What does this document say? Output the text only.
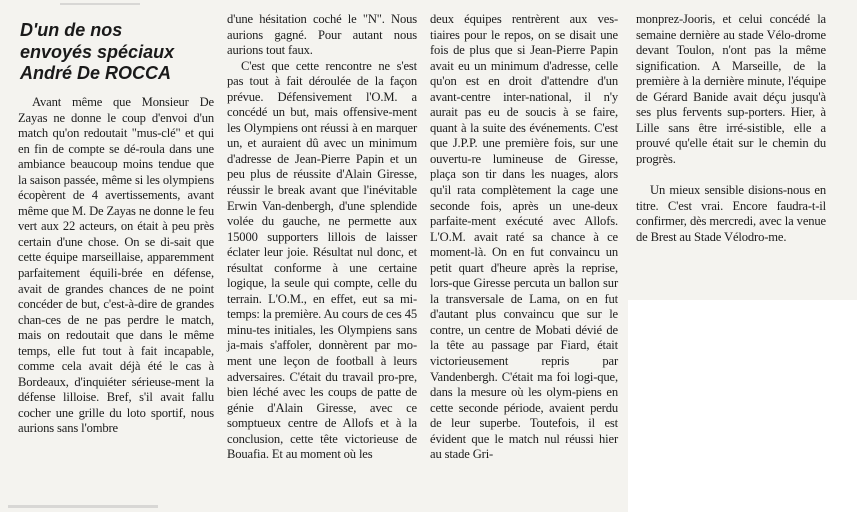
D'un de nos
envoyés spéciaux
André De ROCCA

Avant même que Monsieur De Zayas ne donne le coup d'envoi d'un match qu'on redoutait "mus-clé" et qui en fin de compte se dé-roula dans une ambiance beaucoup moins tendue que la saison passée, même si les olympiens écopèrent de 4 avertissements, avant même que M. De Zayas ne donne le feu vert aux 22 acteurs, on était à peu près certain d'une chose. On se di-sait que cette équipe marseillaise, apparemment parfaitement équili-brée en défense, avait de grandes chances de ne point concéder de but, c'est-à-dire de grandes chan-ces de ne pas perdre le match, mais on redoutait que dans le même temps, elle fut tout à fait incapable, comme cela avait déjà été le cas à Bordeaux, d'inquiéter sérieuse-ment la défense lilloise. Bref, s'il avait fallu cocher une grille du loto sportif, nous aurions sans l'ombre

d'une hésitation coché le "N". Nous aurions gagné. Pour autant nous aurions tout faux.

C'est que cette rencontre ne s'est pas tout à fait déroulée de la façon prévue. Défensivement l'O.M. a concédé un but, mais offensive-ment les Olympiens ont réussi à en marquer un, et auraient dû avec un minimum d'adresse de Jean-Pierre Papin et un peu plus de réussite d'Alain Giresse, réussir le break avant que l'inévitable Erwin Van-denbergh, d'une splendide volée du gauche, ne permette aux 15000 supporters lillois de laisser éclater leur joie. Résultat nul donc, et résultat conforme à une certaine logique, la seule qui compte, celle du terrain. L'O.M., en effet, eut sa mi-temps: la première. Au cours de ces 45 minu-tes initiales, les Olympiens sans ja-mais s'affoler, donnèrent par mo-ment une leçon de football à leurs adversaires. C'était du travail pro-pre, bien léché avec les coups de patte de génie d'Alain Giresse, avec ce somptueux centre de Allofs et à la conclusion, cette tête victorieuse de Bouafia. Et au moment où les

deux équipes rentrèrent aux ves-tiaires pour le repos, on se disait une fois de plus que si Jean-Pierre Papin avait eu un minimum d'adresse, celle qu'on est en droit d'attendre d'un avant-centre inter-national, il n'y aurait pas eu de soucis à se faire, quant à la suite des événements. C'est que J.P.P. une première fois, sur une ouvertu-re lumineuse de Giresse, plaça son tir dans les nuages, alors qu'il rata complètement la cage une seconde fois, après un une-deux parfaite-ment exécuté avec Allofs. L'O.M. avait raté sa chance à ce moment-là. On en fut convaincu un petit quart d'heure après la reprise, lors-que Giresse percuta un ballon sur la transversale de Lama, on en fut d'autant plus convaincu que sur le contre, un centre de Mobati dévié de la tête au passage par Fiard, était victorieusement repris par Vandenbergh. C'était ma foi logi-que, dans la mesure où les olym-piens en cette seconde période, avaient perdu de leur superbe. Toutefois, il est évident que le match nul réussi hier au stade Gri-

monprez-Jooris, et celui concédé la semaine dernière au stade Vélo-drome devant Toulon, n'ont pas la même signification. A Marseille, de la première à la dernière minute, l'équipe de Gérard Banide avait déçu jusqu'à ses plus fervents sup-porters. Hier, à Lille sans être irré-sistible, elle a prouvé qu'elle était sur le chemin du progrès.

Un mieux sensible disions-nous en titre. C'est vrai. Encore faudra-t-il confirmer, dès mercredi, avec la venue de Brest au Stade Vélodro-me.
